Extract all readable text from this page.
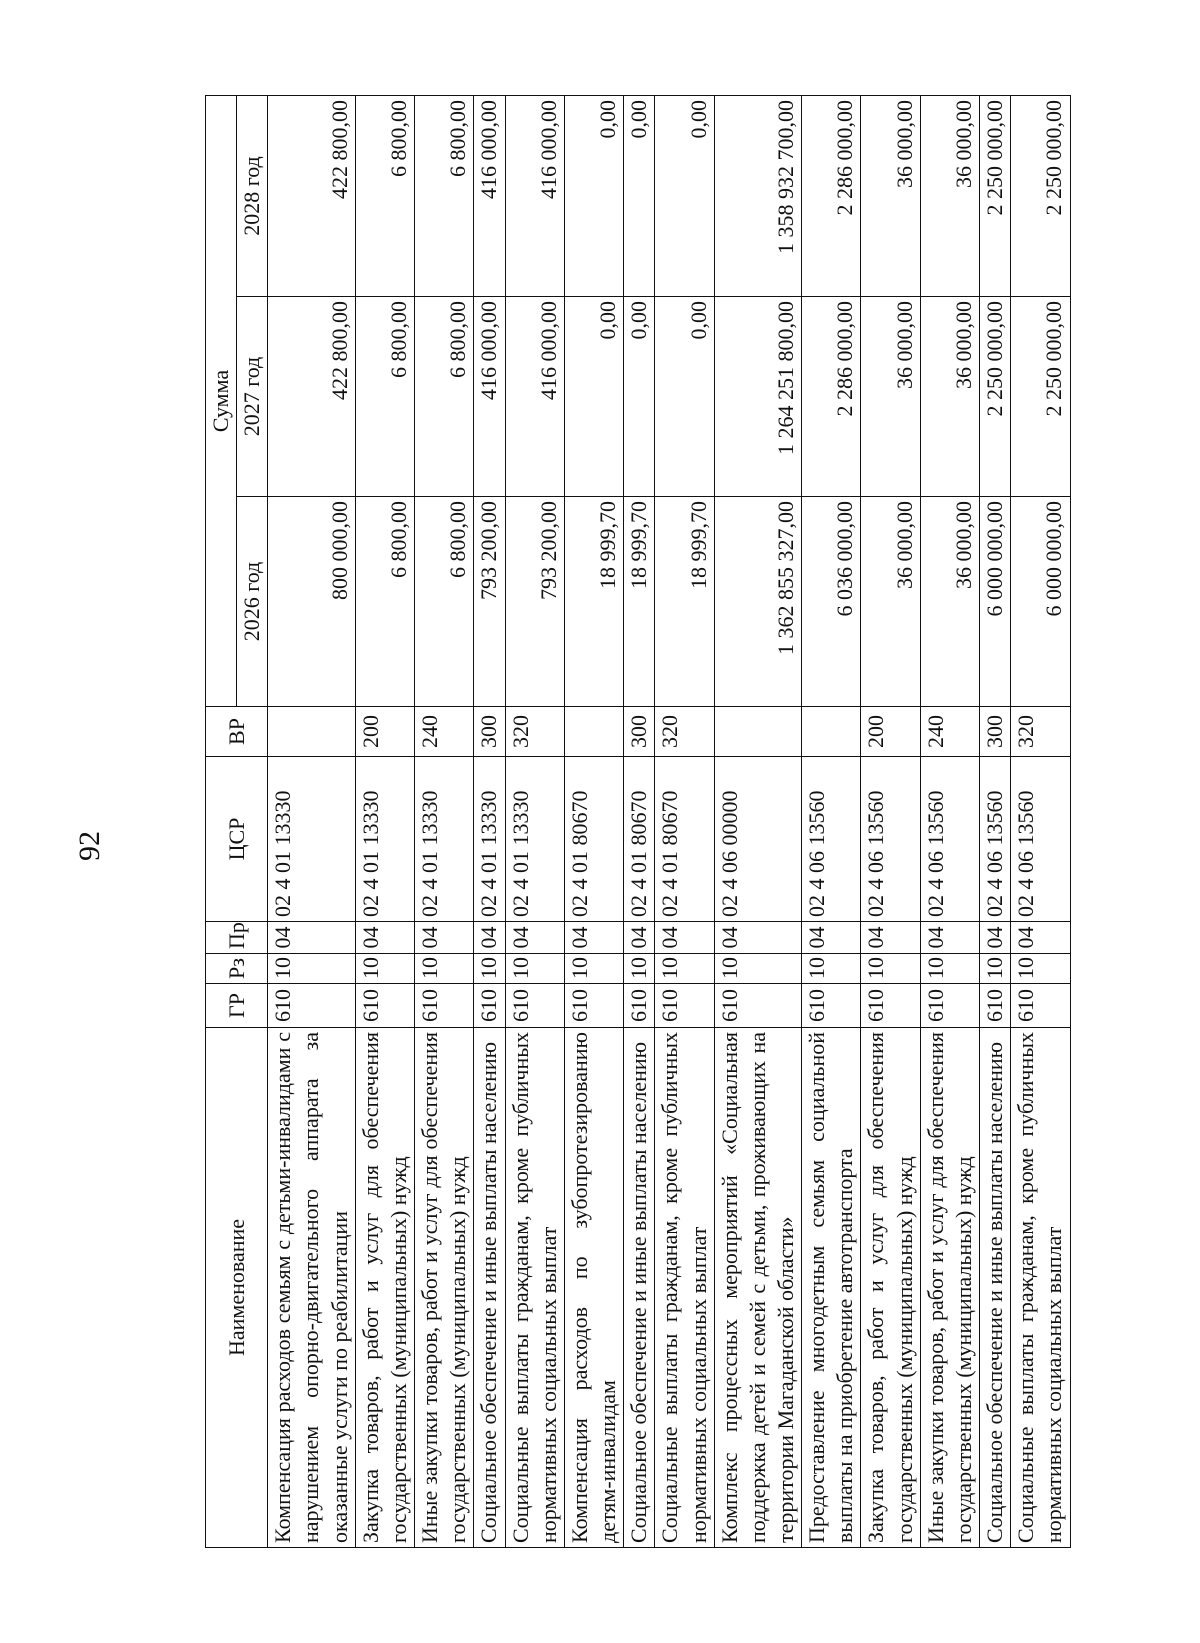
92
Наименование	ГР	Рз	Пр	ЦСР	ВР	Сумма		
						2026 год	2027 год	2028 год
Компенсация расходов семьям с детьми-инвалидами с нарушением опорно-двигательного аппарата за оказанные услуги по реабилитации	610	10	04	02 4 01 13330		800 000,00	422 800,00	422 800,00
Закупка товаров, работ и услуг для обеспечения государственных (муниципальных) нужд	610	10	04	02 4 01 13330	200	6 800,00	6 800,00	6 800,00
Иные закупки товаров, работ и услуг для обеспечения государственных (муниципальных) нужд	610	10	04	02 4 01 13330	240	6 800,00	6 800,00	6 800,00
Социальное обеспечение и иные выплаты населению	610	10	04	02 4 01 13330	300	793 200,00	416 000,00	416 000,00
Социальные выплаты гражданам, кроме публичных нормативных социальных выплат	610	10	04	02 4 01 13330	320	793 200,00	416 000,00	416 000,00
Компенсация расходов по зубопротезированию детям-инвалидам	610	10	04	02 4 01 80670		18 999,70	0,00	0,00
Социальное обеспечение и иные выплаты населению	610	10	04	02 4 01 80670	300	18 999,70	0,00	0,00
Социальные выплаты гражданам, кроме публичных нормативных социальных выплат	610	10	04	02 4 01 80670	320	18 999,70	0,00	0,00
Комплекс процессных мероприятий «Социальная поддержка детей и семей с детьми, проживающих на территории Магаданской области»	610	10	04	02 4 06 00000		1 362 855 327,00	1 264 251 800,00	1 358 932 700,00
Предоставление многодетным семьям социальной выплаты на приобретение автотранспорта	610	10	04	02 4 06 13560		6 036 000,00	2 286 000,00	2 286 000,00
Закупка товаров, работ и услуг для обеспечения государственных (муниципальных) нужд	610	10	04	02 4 06 13560	200	36 000,00	36 000,00	36 000,00
Иные закупки товаров, работ и услуг для обеспечения государственных (муниципальных) нужд	610	10	04	02 4 06 13560	240	36 000,00	36 000,00	36 000,00
Социальное обеспечение и иные выплаты населению	610	10	04	02 4 06 13560	300	6 000 000,00	2 250 000,00	2 250 000,00
Социальные выплаты гражданам, кроме публичных нормативных социальных выплат	610	10	04	02 4 06 13560	320	6 000 000,00	2 250 000,00	2 250 000,00
